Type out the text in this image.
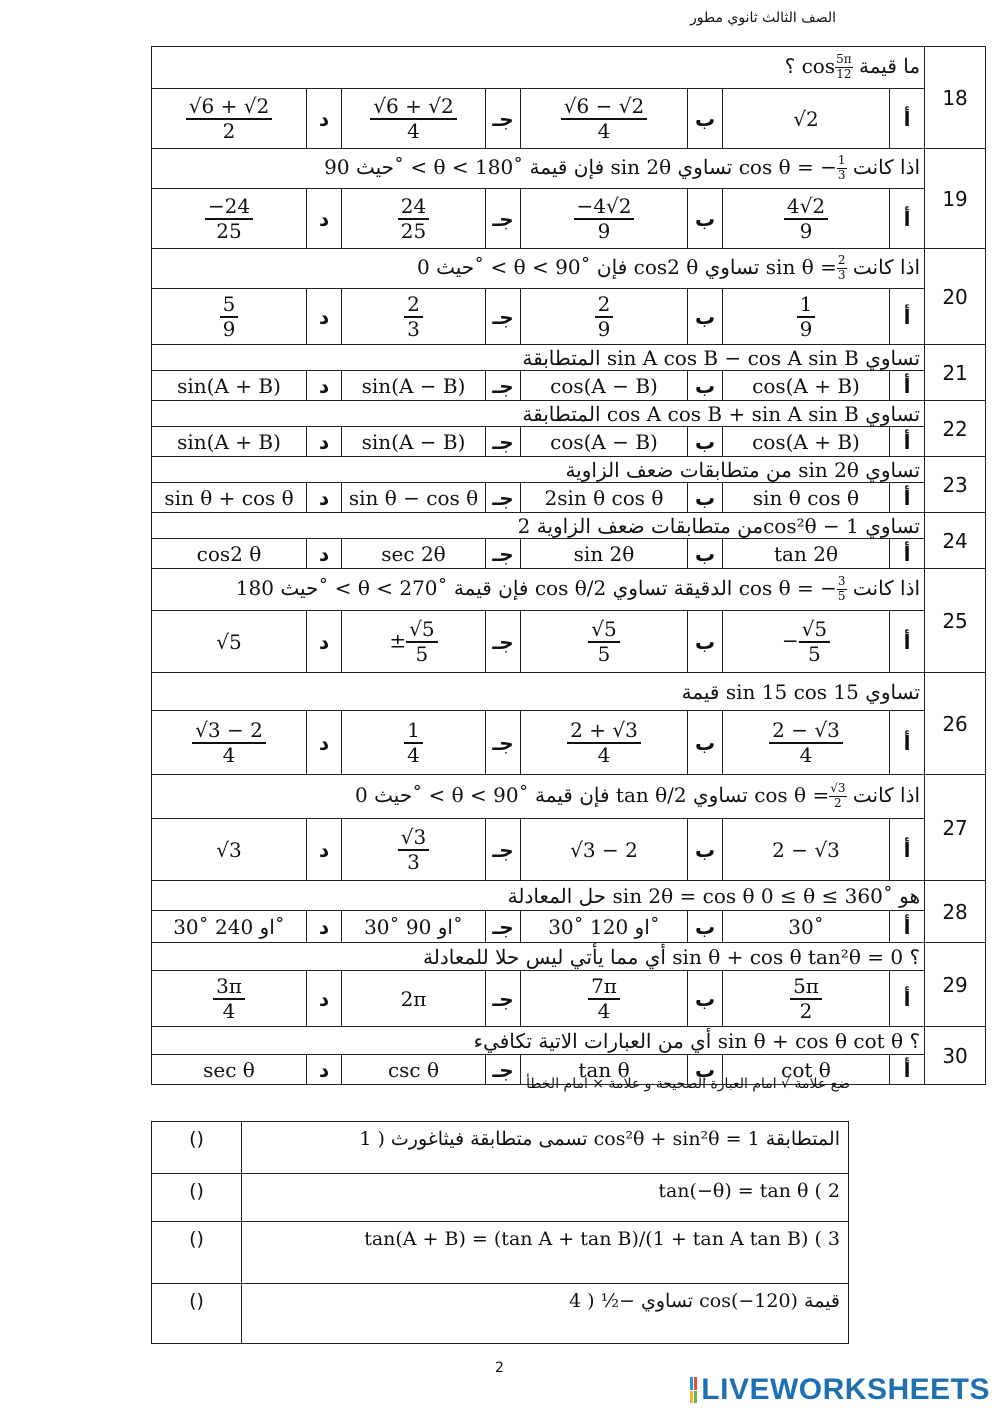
الصف الثالث ثانوي مطور
؟ $\cos \frac{5\pi}{12}$ ما قيمة								18

$\frac{√6 + √2}{2}$	د	$\frac{√6 + √2}{4}$	جـ	$\frac{√6 - √2}{4}$	ب	√2	أ	
حيث 90˚ < θ < 180˚ فإن قيمة sin 2θ تساوي cos θ = − $\frac{1}{3}$ اذا كانت								19

$\frac{-24}{25}$	د	$\frac{24}{25}$	جـ	$\frac{-4√2}{9}$	ب	$\frac{4√2}{9}$	أ	
حيث 0˚ < θ < 90˚ فإن cos2 θ تساوي $\sin \theta = \frac{2}{3}$ اذا كانت								20

$\frac{5}{9}$	د	$\frac{2}{3}$	جـ	$\frac{2}{9}$	ب	$\frac{1}{9}$	أ	
المتطابقة sin A cos B − cos A sin B تساوي								21
sin(A + B)	د	sin(A − B)	جـ	cos(A − B)	ب	cos(A + B)	أ	
المتطابقة cos A cos B + sin A sin B تساوي								22
sin(A + B)	د	sin(A − B)	جـ	cos(A − B)	ب	cos(A + B)	أ	
من متطابقات ضعف الزاوية sin 2θ تساوي								23
sin θ + cos θ	د	sin θ − cos θ	جـ	2sin θ cos θ	ب	sin θ cos θ	أ	
من متطابقات ضعف الزاوية 2cos²θ − 1 تساوي								24
cos2 θ	د	sec 2θ	جـ	sin 2θ	ب	tan 2θ	أ	
حيث 180˚ < θ < 270˚ فإن قيمة cos θ/2 الدقيقة تساوي cos θ = − $\frac{3}{5}$ اذا كانت								25
√5	د	± $\frac{√5}{5}$	جـ	$\frac{√5}{5}$	ب	− $\frac{√5}{5}$	أ	
قيمة sin 15 cos 15 تساوي								26

$\frac{√3 - 2}{4}$	د	$\frac{1}{4}$	جـ	$\frac{2 + √3}{4}$	ب	$\frac{2 - √3}{4}$	أ	
حيث 0˚ < θ < 90˚ فإن قيمة tan θ/2 تساوي $\cos \theta = \frac{√3}{2}$ اذا كانت								27
√3	د	$\frac{√3}{3}$	جـ	√3 − 2	ب	2 − √3	أ	
حل المعادلة sin 2θ = cos θ 0 ≤ θ ≤ 360˚ هو								28
30˚ او 240˚	د	30˚ او 90˚	جـ	30˚ او 120˚	ب	30˚	أ	
أي مما يأتي ليس حلا للمعادلة sin θ + cos θ tan²θ = 0 ؟								29

$\frac{3\pi}{4}$	د	2π	جـ	$\frac{7\pi}{4}$	ب	$\frac{5\pi}{2}$	أ	
أي من العبارات الاتية تكافيء sin θ + cos θ cot θ ؟								30
sec θ	د	csc θ	جـ	tan θ	ب	cot θ	أ	
ضع علامة √ امام العبارة الصحيحة و علامة × امام الخطأ
()	المتطابقة cos²θ + sin²θ = 1 تسمى متطابقة فيثاغورث ( 1
()	tan(−θ) = tan θ ( 2
()	tan(A + B) = (tan A + tan B)/(1 + tan A tan B) ( 3
()	قيمة cos(−120) تساوي −½ ( 4
2
LIVEWORKSHEETS
